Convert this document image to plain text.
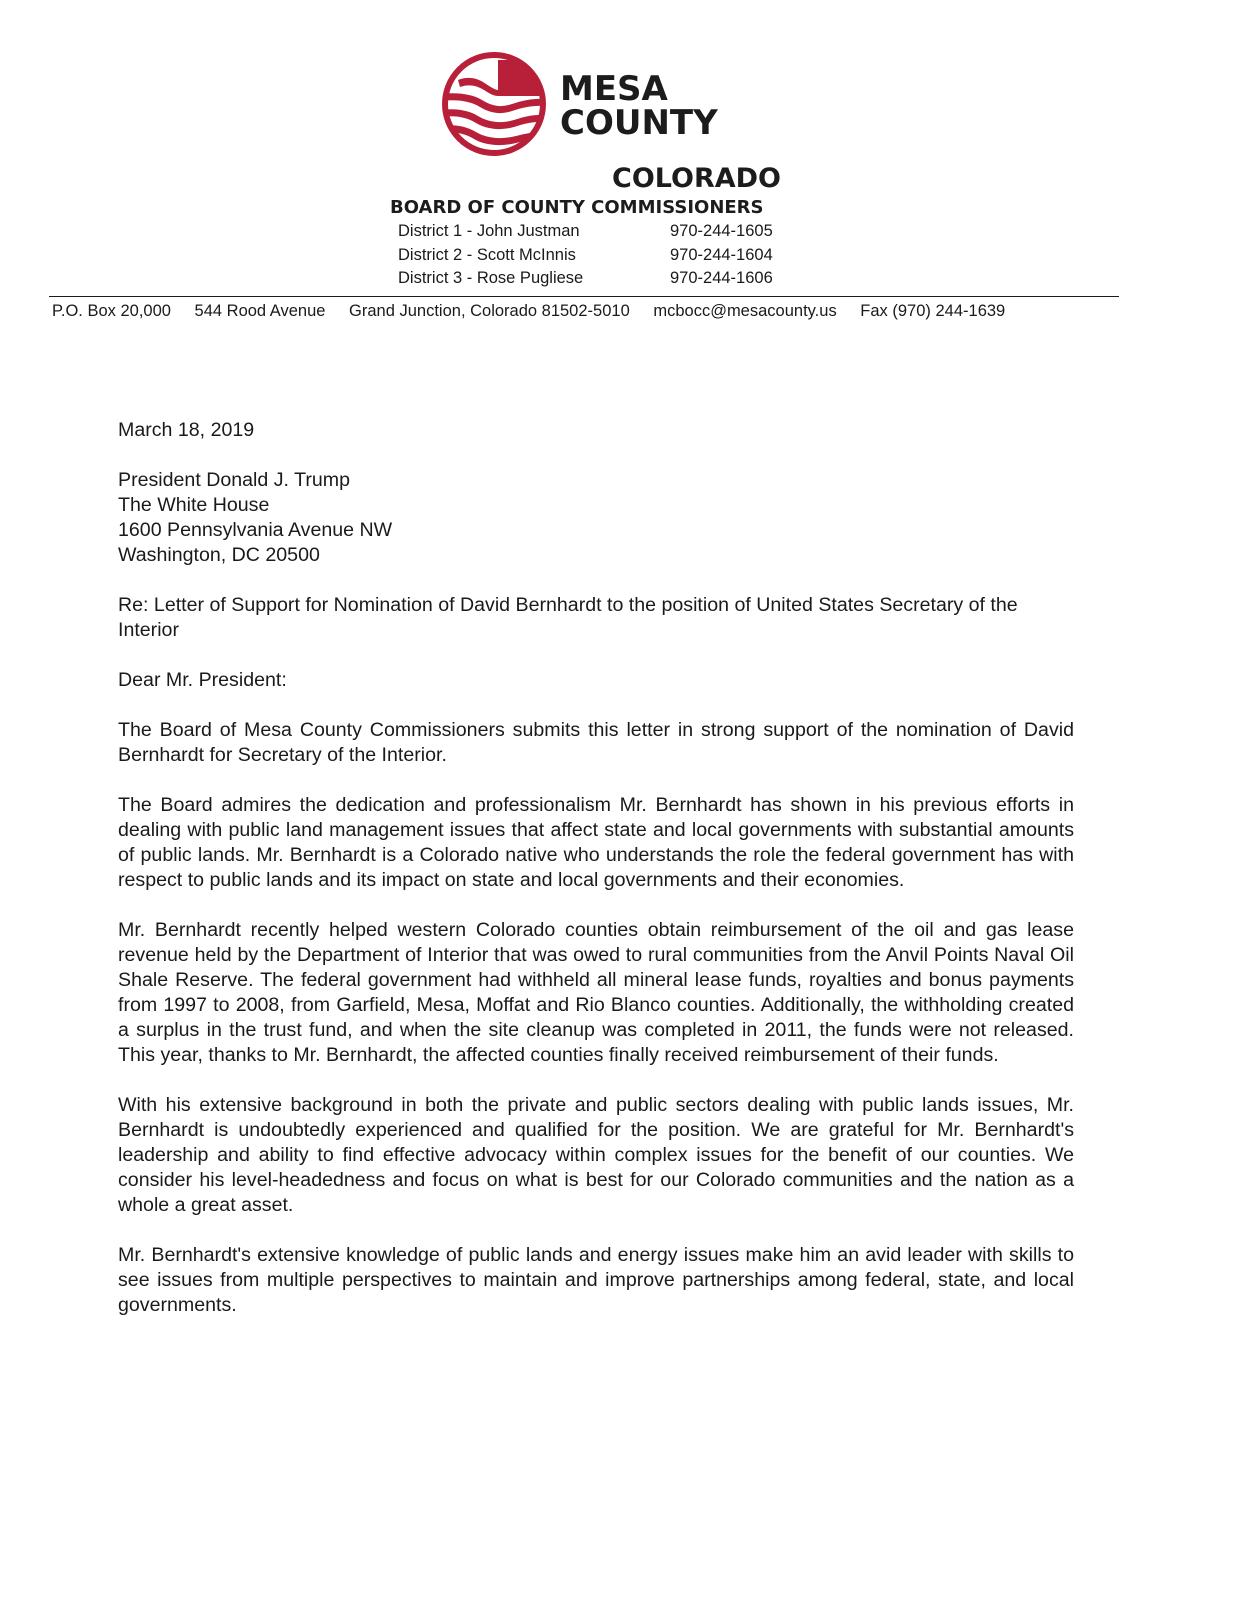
MESA
COUNTY
COLORADO
BOARD OF COUNTY COMMISSIONERS
District 1 - John Justman	970-244-1605
District 2 - Scott McInnis	970-244-1604
District 3 - Rose Pugliese	970-244-1606
P.O. Box 20,000 544 Rood Avenue Grand Junction, Colorado 81502-5010 mcbocc@mesacounty.us Fax (970) 244-1639

March 18, 2019

President Donald J. Trump
The White House
1600 Pennsylvania Avenue NW
Washington, DC 20500

Re: Letter of Support for Nomination of David Bernhardt to the position of United States Secretary of the Interior

Dear Mr. President:

The Board of Mesa County Commissioners submits this letter in strong support of the nomination of David Bernhardt for Secretary of the Interior.

The Board admires the dedication and professionalism Mr. Bernhardt has shown in his previous efforts in dealing with public land management issues that affect state and local governments with substantial amounts of public lands. Mr. Bernhardt is a Colorado native who understands the role the federal government has with respect to public lands and its impact on state and local governments and their economies.

Mr. Bernhardt recently helped western Colorado counties obtain reimbursement of the oil and gas lease revenue held by the Department of Interior that was owed to rural communities from the Anvil Points Naval Oil Shale Reserve. The federal government had withheld all mineral lease funds, royalties and bonus payments from 1997 to 2008, from Garfield, Mesa, Moffat and Rio Blanco counties. Additionally, the withholding created a surplus in the trust fund, and when the site cleanup was completed in 2011, the funds were not released. This year, thanks to Mr. Bernhardt, the affected counties finally received reimbursement of their funds.

With his extensive background in both the private and public sectors dealing with public lands issues, Mr. Bernhardt is undoubtedly experienced and qualified for the position. We are grateful for Mr. Bernhardt's leadership and ability to find effective advocacy within complex issues for the benefit of our counties. We consider his level-headedness and focus on what is best for our Colorado communities and the nation as a whole a great asset.

Mr. Bernhardt's extensive knowledge of public lands and energy issues make him an avid leader with skills to see issues from multiple perspectives to maintain and improve partnerships among federal, state, and local governments.
